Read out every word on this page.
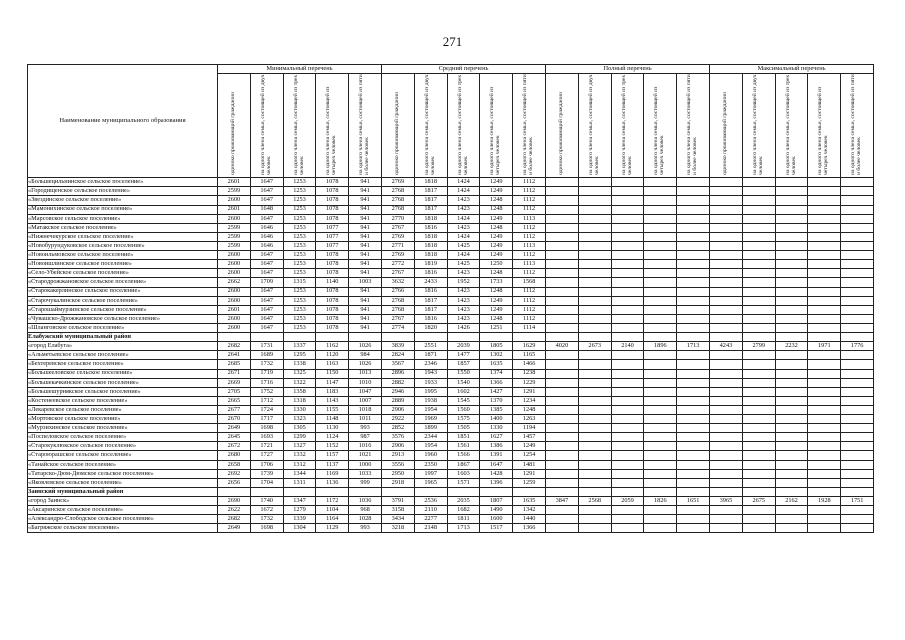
271
Наименование муниципального образования	Минимальный перечень					Средний перечень					Полный перечень					Максимальный перечень				
	одиноко проживающий гражданин	на одного члена семьи, состоящей из двух человек	на одного члена семьи, состоящей из трех человек	на одного члена семьи, состоящей из четырех человек	на одного члена семьи, состоящей из пяти и более человек	одиноко проживающий гражданин	на одного члена семьи, состоящей из двух человек	на одного члена семьи, состоящей из трех человек	на одного члена семьи, состоящей из четырех человек	на одного члена семьи, состоящей из пяти и более человек	одиноко проживающий гражданин	на одного члена семьи, состоящей из двух человек	на одного члена семьи, состоящей из трех человек	на одного члена семьи, состоящей из четырех человек	на одного члена семьи, состоящей из пяти и более человек	одиноко проживающий гражданин	на одного члена семьи, состоящей из двух человек	на одного члена семьи, состоящей из трех человек	на одного члена семьи, состоящей из четырех человек	на одного члена семьи, состоящей из пяти и более человек
«Большецильнинское сельское поселение»	2601	1647	1253	1078	941	2769	1818	1424	1249	1112										
«Городищенское сельское поселение»	2599	1647	1253	1078	941	2768	1817	1424	1249	1112										
«Звездинское сельское поселение»	2600	1647	1253	1078	941	2768	1817	1423	1248	1112										
«Мамонихинское сельское поселение»	2601	1648	1253	1078	941	2768	1817	1423	1248	1112										
«Марсовское сельское поселение»	2600	1647	1253	1078	941	2770	1818	1424	1249	1113										
«Матакское сельское поселение»	2599	1646	1253	1077	941	2767	1816	1423	1248	1112										
«Нижнечекурское сельское поселение»	2599	1646	1253	1077	941	2769	1818	1424	1249	1112										
«Новобурундуковское сельское поселение»	2599	1646	1253	1077	941	2771	1818	1425	1249	1113										
«Новоильмовское сельское поселение»	2600	1647	1253	1078	941	2769	1818	1424	1249	1112										
«Новоишлинское сельское поселение»	2600	1647	1253	1078	941	2772	1819	1425	1250	1113										
«Село-Убейское сельское поселение»	2600	1647	1253	1078	941	2767	1816	1423	1248	1112										
«Стародрожжановское сельское поселение»	2662	1709	1315	1140	1003	3632	2433	1952	1733	1568										
«Старокакерлинское сельское поселение»	2600	1647	1253	1078	941	2766	1816	1423	1248	1112										
«Старочукалинское сельское поселение»	2600	1647	1253	1078	941	2768	1817	1423	1249	1112										
«Старошаймурзинское сельское поселение»	2601	1647	1253	1078	941	2768	1817	1423	1249	1112										
«Чувашско-Дрожжановское сельское поселение»	2600	1647	1253	1078	941	2767	1816	1423	1248	1112										
«Шланговское сельское поселение»	2600	1647	1253	1078	941	2774	1820	1426	1251	1114										
Елабужский муниципальный район																				
«город Елабуга»	2682	1731	1337	1162	1026	3839	2551	2039	1805	1629	4020	2673	2140	1896	1713	4243	2799	2232	1971	1776
«Альметьевское сельское поселение»	2641	1689	1295	1120	984	2824	1871	1477	1302	1165										
«Бехтеревское сельское поселение»	2685	1732	1338	1163	1026	3567	2346	1857	1635	1466										
«Большееловское сельское поселение»	2671	1719	1325	1150	1013	2896	1943	1550	1374	1238										
«Большекачкинское сельское поселение»	2669	1716	1322	1147	1010	2882	1933	1540	1366	1229										
«Большешурнякское сельское поселение»	2705	1752	1358	1183	1047	2946	1995	1602	1427	1291										
«Костенеевское сельское поселение»	2665	1712	1318	1143	1007	2889	1938	1545	1370	1234										
«Лекаревское сельское поселение»	2677	1724	1330	1155	1018	2906	1954	1560	1385	1248										
«Мортовское сельское поселение»	2670	1717	1323	1148	1011	2922	1969	1575	1400	1263										
«Мурзихинское сельское поселение»	2649	1698	1305	1130	993	2852	1899	1505	1330	1194										
«Поспеловское сельское поселение»	2645	1693	1299	1124	987	3576	2344	1851	1627	1457										
«Старокуклюкское сельское поселение»	2672	1721	1327	1152	1016	2906	1954	1561	1386	1249										
«Староюрашское сельское поселение»	2680	1727	1332	1157	1021	2913	1960	1566	1391	1254										
«Танайское сельское поселение»	2658	1706	1312	1137	1000	3556	2350	1867	1647	1481										
«Татарско-Дюм-Дюмское сельское поселение»	2692	1739	1344	1169	1033	2950	1997	1603	1428	1291										
«Яковлевское сельское поселение»	2656	1704	1311	1136	999	2918	1965	1571	1396	1259										
Заинский муниципальный район																				
«город Заинск»	2690	1740	1347	1172	1036	3791	2536	2035	1807	1635	3847	2568	2059	1826	1651	3965	2675	2162	1928	1751
«Аксаринское сельское поселение»	2622	1672	1279	1104	968	3158	2110	1682	1490	1342										
«Александро-Слободское сельское поселение»	2682	1732	1339	1164	1028	3434	2277	1811	1600	1440										
«Багряжское сельское поселение»	2649	1698	1304	1129	993	3218	2148	1713	1517	1366										
